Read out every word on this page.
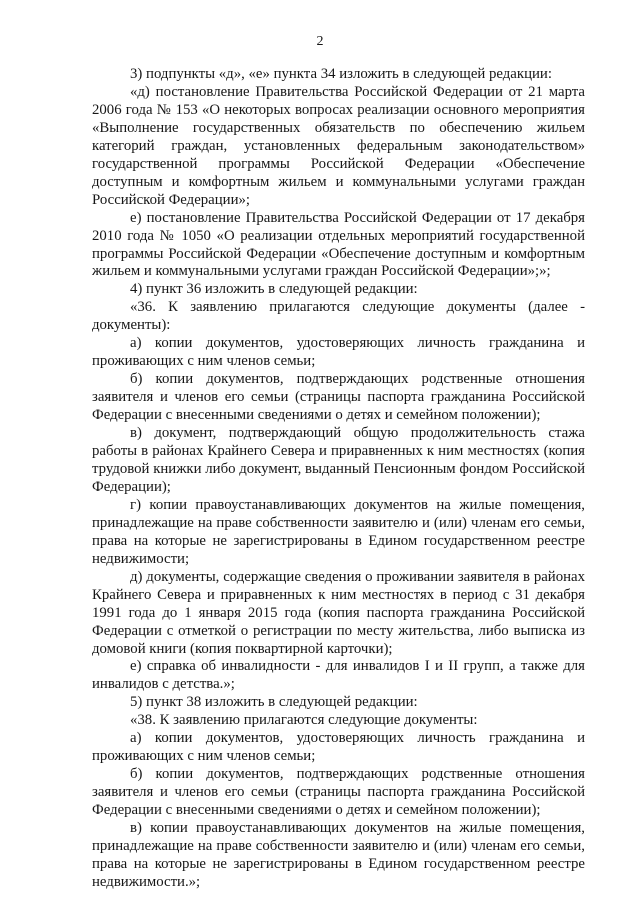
2

3) подпункты «д», «е» пункта 34 изложить в следующей редакции:

«д) постановление Правительства Российской Федерации от 21 марта 2006 года № 153 «О некоторых вопросах реализации основного мероприятия «Выполнение государственных обязательств по обеспечению жильем категорий граждан, установленных федеральным законодательством» государственной программы Российской Федерации «Обеспечение доступным и комфортным жильем и коммунальными услугами граждан Российской Федерации»;

е) постановление Правительства Российской Федерации от 17 декабря 2010 года № 1050 «О реализации отдельных мероприятий государственной программы Российской Федерации «Обеспечение доступным и комфортным жильем и коммунальными услугами граждан Российской Федерации»;»;

4) пункт 36 изложить в следующей редакции:

«36. К заявлению прилагаются следующие документы (далее - документы):

а) копии документов, удостоверяющих личность гражданина и проживающих с ним членов семьи;

б) копии документов, подтверждающих родственные отношения заявителя и членов его семьи (страницы паспорта гражданина Российской Федерации с внесенными сведениями о детях и семейном положении);

в) документ, подтверждающий общую продолжительность стажа работы в районах Крайнего Севера и приравненных к ним местностях (копия трудовой книжки либо документ, выданный Пенсионным фондом Российской Федерации);

г) копии правоустанавливающих документов на жилые помещения, принадлежащие на праве собственности заявителю и (или) членам его семьи, права на которые не зарегистрированы в Едином государственном реестре недвижимости;

д) документы, содержащие сведения о проживании заявителя в районах Крайнего Севера и приравненных к ним местностях в период с 31 декабря 1991 года до 1 января 2015 года (копия паспорта гражданина Российской Федерации с отметкой о регистрации по месту жительства, либо выписка из домовой книги (копия поквартирной карточки);

е) справка об инвалидности - для инвалидов I и II групп, а также для инвалидов с детства.»;

5) пункт 38 изложить в следующей редакции:

«38. К заявлению прилагаются следующие документы:

а) копии документов, удостоверяющих личность гражданина и проживающих с ним членов семьи;

б) копии документов, подтверждающих родственные отношения заявителя и членов его семьи (страницы паспорта гражданина Российской Федерации с внесенными сведениями о детях и семейном положении);

в) копии правоустанавливающих документов на жилые помещения, принадлежащие на праве собственности заявителю и (или) членам его семьи, права на которые не зарегистрированы в Едином государственном реестре недвижимости.»;
